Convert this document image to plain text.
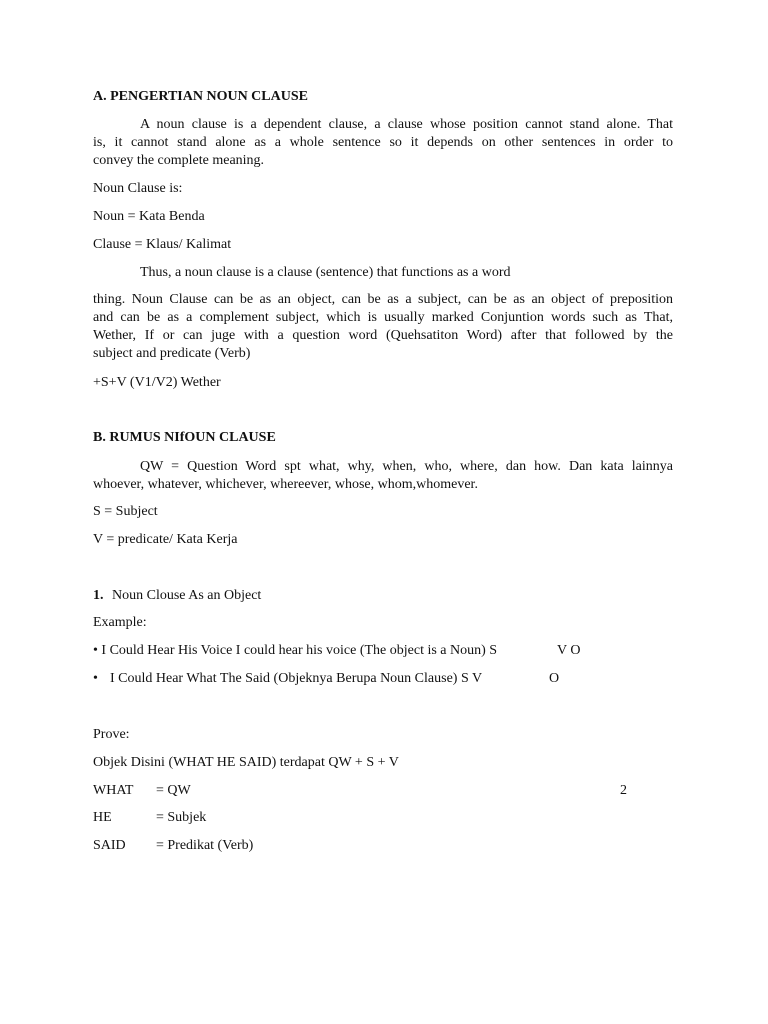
A. PENGERTIAN NOUN CLAUSE
A noun clause is a dependent clause, a clause whose position cannot stand alone. That
is, it cannot stand alone as a whole sentence so it depends on other sentences in order to
convey the complete meaning.
Noun Clause is:
Noun = Kata Benda
Clause = Klaus/ Kalimat
Thus, a noun clause is a clause (sentence) that functions as a word
thing. Noun Clause can be as an object, can be as a subject, can be as an object of preposition
and can be as a complement subject, which is usually marked Conjuntion words such as That,
Wether, If or can juge with a question word (Quehsatiton Word) after that followed by the
subject and predicate (Verb)
+S+V (V1/V2) Wether
B. RUMUS NIfOUN CLAUSE
QW = Question Word spt what, why, when, who, where, dan how. Dan kata lainnya
whoever, whatever, whichever, whereever, whose, whom,whomever.
S = Subject
V = predicate/ Kata Kerja
1. Noun Clouse As an Object
Example:
• I Could Hear His Voice I could hear his voice (The object is a Noun) S	V O
• I Could Hear What The Said (Objeknya Berupa Noun Clause) S V	O
Prove:
Objek Disini (WHAT HE SAID) terdapat QW + S + V
WHAT = QW	2
HE	= Subjek
SAID = Predikat (Verb)
